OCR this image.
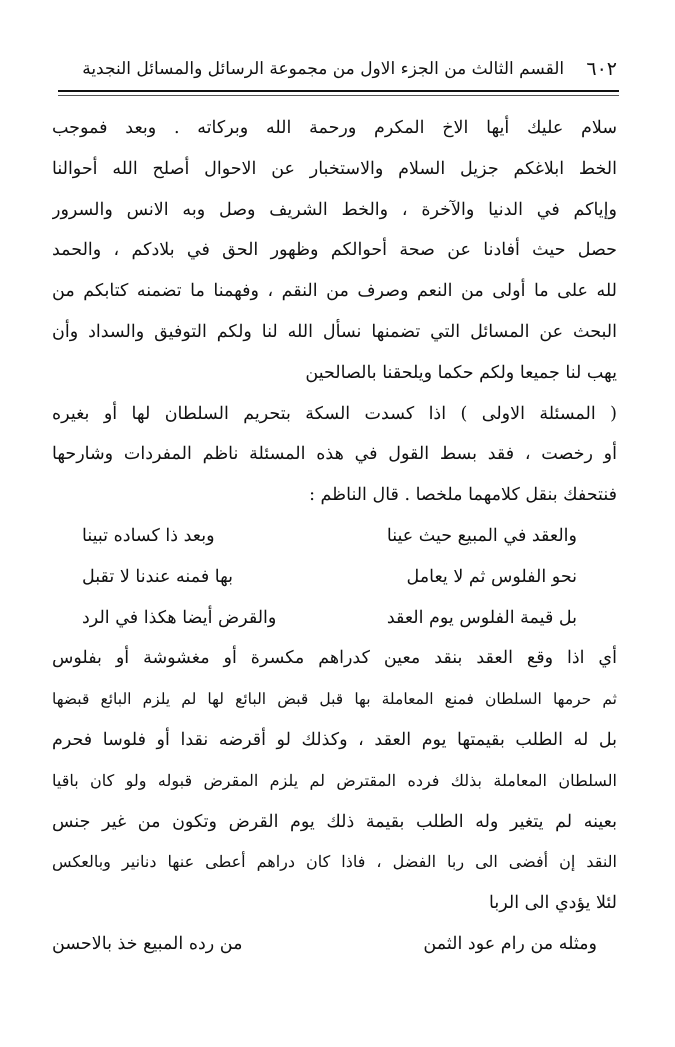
٦٠٢
القسم الثالث من الجزء الاول من مجموعة الرسائل والمسائل النجدية
سلام عليك أيها الاخ المكرم ورحمة الله وبركاته . وبعد فموجب
الخط ابلاغكم جزيل السلام والاستخبار عن الاحوال أصلح الله أحوالنا
وإياكم في الدنيا والآخرة ، والخط الشريف وصل وبه الانس والسرور
حصل حيث أفادنا عن صحة أحوالكم وظهور الحق في بلادكم ، والحمد
لله على ما أولى من النعم وصرف من النقم ، وفهمنا ما تضمنه كتابكم من
البحث عن المسائل التي تضمنها نسأل الله لنا ولكم التوفيق والسداد وأن
يهب لنا جميعا ولكم حكما ويلحقنا بالصالحين
( المسئلة الاولى ) اذا كسدت السكة بتحريم السلطان لها أو بغيره
أو رخصت ، فقد بسط القول في هذه المسئلة ناظم المفردات وشارحها
فنتحفك بنقل كلامهما ملخصا . قال الناظم :
والعقد في المبيع حيث عينا
وبعد ذا كساده تبينا
نحو الفلوس ثم لا يعامل
بها فمنه عندنا لا تقبل
بل قيمة الفلوس يوم العقد
والقرض أيضا هكذا في الرد
أي اذا وقع العقد بنقد معين كدراهم مكسرة أو مغشوشة أو بفلوس
ثم حرمها السلطان فمنع المعاملة بها قبل قبض البائع لها لم يلزم البائع قبضها
بل له الطلب بقيمتها يوم العقد ، وكذلك لو أقرضه نقدا أو فلوسا فحرم
السلطان المعاملة بذلك فرده المقترض لم يلزم المقرض قبوله ولو كان باقيا
بعينه لم يتغير وله الطلب بقيمة ذلك يوم القرض وتكون من غير جنس
النقد إن أفضى الى ربا الفضل ، فاذا كان دراهم أعطى عنها دنانير وبالعكس
لئلا يؤدي الى الربا
ومثله من رام عود الثمن
من رده المبيع خذ بالاحسن
